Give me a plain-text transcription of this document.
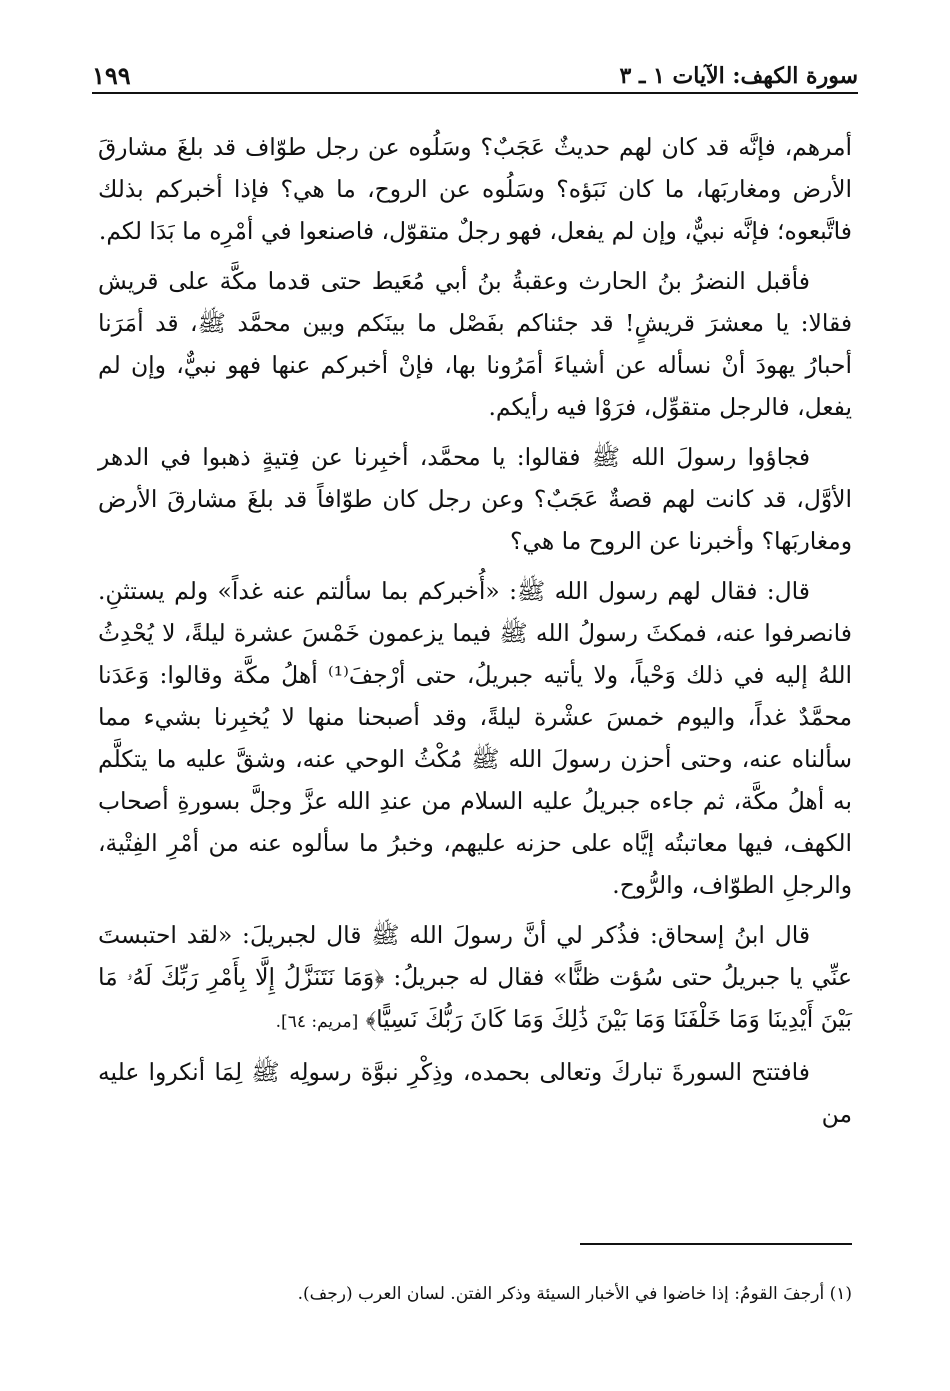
سورة الكهف: الآيات ١ ـ ٣
١٩٩

أمرهم، فإنَّه قد كان لهم حديثٌ عَجَبٌ؟ وسَلُوه عن رجل طوّاف قد بلغَ مشارقَ الأرض ومغاربَها، ما كان نَبَؤه؟ وسَلُوه عن الروح، ما هي؟ فإذا أخبركم بذلك فاتَّبعوه؛ فإنَّه نبيٌّ، وإن لم يفعل، فهو رجلٌ متقوّل، فاصنعوا في أمْرِه ما بَدَا لكم.

فأقبل النضرُ بنُ الحارث وعقبةُ بنُ أبي مُعَيط حتى قدما مكَّة على قريش فقالا: يا معشرَ قريشٍ! قد جئناكم بفَصْل ما بينَكم وبين محمَّد ﷺ، قد أمَرَنا أحبارُ يهودَ أنْ نسأله عن أشياءَ أمَرُونا بها، فإنْ أخبركم عنها فهو نبيٌّ، وإن لم يفعل، فالرجل متقوِّل، فرَوْا فيه رأيكم.

فجاؤوا رسولَ الله ﷺ فقالوا: يا محمَّد، أخبِرنا عن فِتيةٍ ذهبوا في الدهر الأوَّل، قد كانت لهم قصةٌ عَجَبٌ؟ وعن رجل كان طوّافاً قد بلغَ مشارقَ الأرض ومغاربَها؟ وأخبرنا عن الروح ما هي؟

قال: فقال لهم رسول الله ﷺ: «أُخبركم بما سألتم عنه غداً» ولم يستثنِ. فانصرفوا عنه، فمكثَ رسولُ الله ﷺ فيما يزعمون خَمْسَ عشرة ليلةً، لا يُحْدِثُ اللهُ إليه في ذلك وَحْياً، ولا يأتيه جبريلُ، حتى أرْجفَ⁽¹⁾ أهلُ مكَّة وقالوا: وَعَدَنا محمَّدٌ غداً، واليوم خمسَ عشْرة ليلةً، وقد أصبحنا منها لا يُخبِرنا بشيء مما سألناه عنه، وحتى أحزن رسولَ الله ﷺ مُكْثُ الوحي عنه، وشقَّ عليه ما يتكلَّم به أهلُ مكَّة، ثم جاءه جبريلُ عليه السلام من عندِ الله عزَّ وجلَّ بسورةِ أصحاب الكهف، فيها معاتبتُه إيَّاه على حزنه عليهم، وخبرُ ما سألوه عنه من أمْرِ الفِتْية، والرجلِ الطوّاف، والرُّوح.

قال ابنُ إسحاق: فذُكر لي أنَّ رسولَ الله ﷺ قال لجبريلَ: «لقد احتبستَ عنِّي يا جبريلُ حتى سُؤت ظنًّا» فقال له جبريلُ: ﴿وَمَا نَتَنَزَّلُ إِلَّا بِأَمْرِ رَبِّكَ لَهُۥ مَا بَيْنَ أَيْدِينَا وَمَا خَلْفَنَا وَمَا بَيْنَ ذَٰلِكَ وَمَا كَانَ رَبُّكَ نَسِيًّا﴾ [مريم: ٦٤].

فافتتح السورةَ تباركَ وتعالى بحمده، وذِكْرِ نبوَّة رسولِه ﷺ لِمَا أنكروا عليه من

(١) أرجفَ القومُ: إذا خاضوا في الأخبار السيئة وذكر الفتن. لسان العرب (رجف).
